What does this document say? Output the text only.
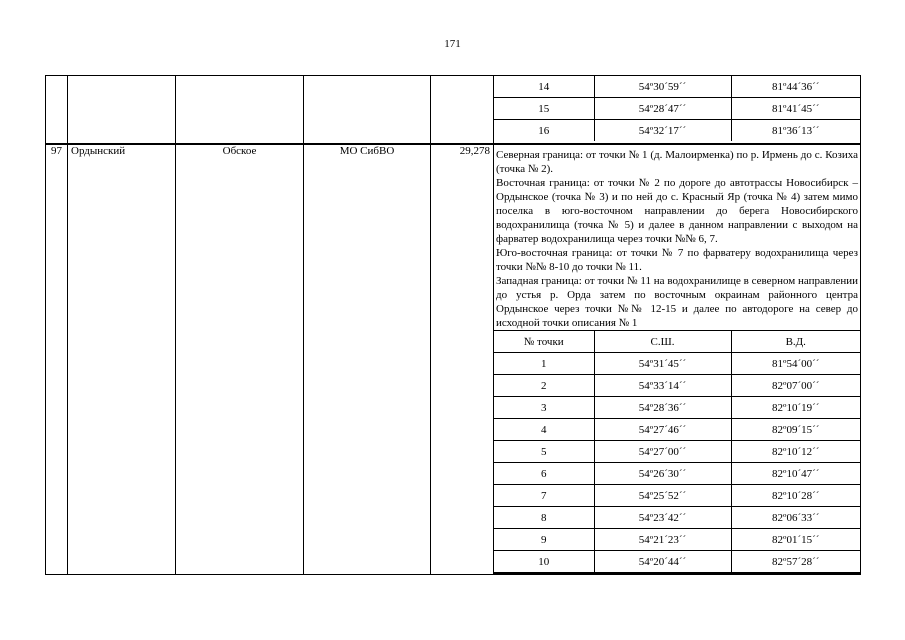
171

14	54º30´59´´	81º44´36´´
15	54º28´47´´	81º41´45´´
16	54º32´17´´	81º36´13´´

97	Ордынский	Обское	МО СибВО	29,278	Северная граница: от точки № 1 (д. Малоирменка) по р. Ирмень до с. Козиха (точка № 2).

Восточная граница: от точки № 2 по дороге до автотрассы Новосибирск – Ордынское (точка № 3) и по ней до с. Красный Яр (точка № 4) затем мимо поселка в юго-восточном направлении до берега Новосибирского водохранилища (точка № 5) и далее в данном направлении с выходом на фарватер водохранилища через точки №№ 6, 7.

Юго-восточная граница: от точки № 7 по фарватеру водохранилища через точки №№ 8-10 до точки № 11.

Западная граница: от точки № 11 на водохранилище в северном направлении до устья р. Орда затем по восточным окраинам районного центра Ордынское через точки №№ 12-15 и далее по автодороге на север до исходной точки описания № 1

№ точки	С.Ш.	В.Д.
1	54º31´45´´	81º54´00´´
2	54º33´14´´	82º07´00´´
3	54º28´36´´	82º10´19´´
4	54º27´46´´	82º09´15´´
5	54º27´00´´	82º10´12´´
6	54º26´30´´	82º10´47´´
7	54º25´52´´	82º10´28´´
8	54º23´42´´	82º06´33´´
9	54º21´23´´	82º01´15´´
10	54º20´44´´	82º57´28´´
